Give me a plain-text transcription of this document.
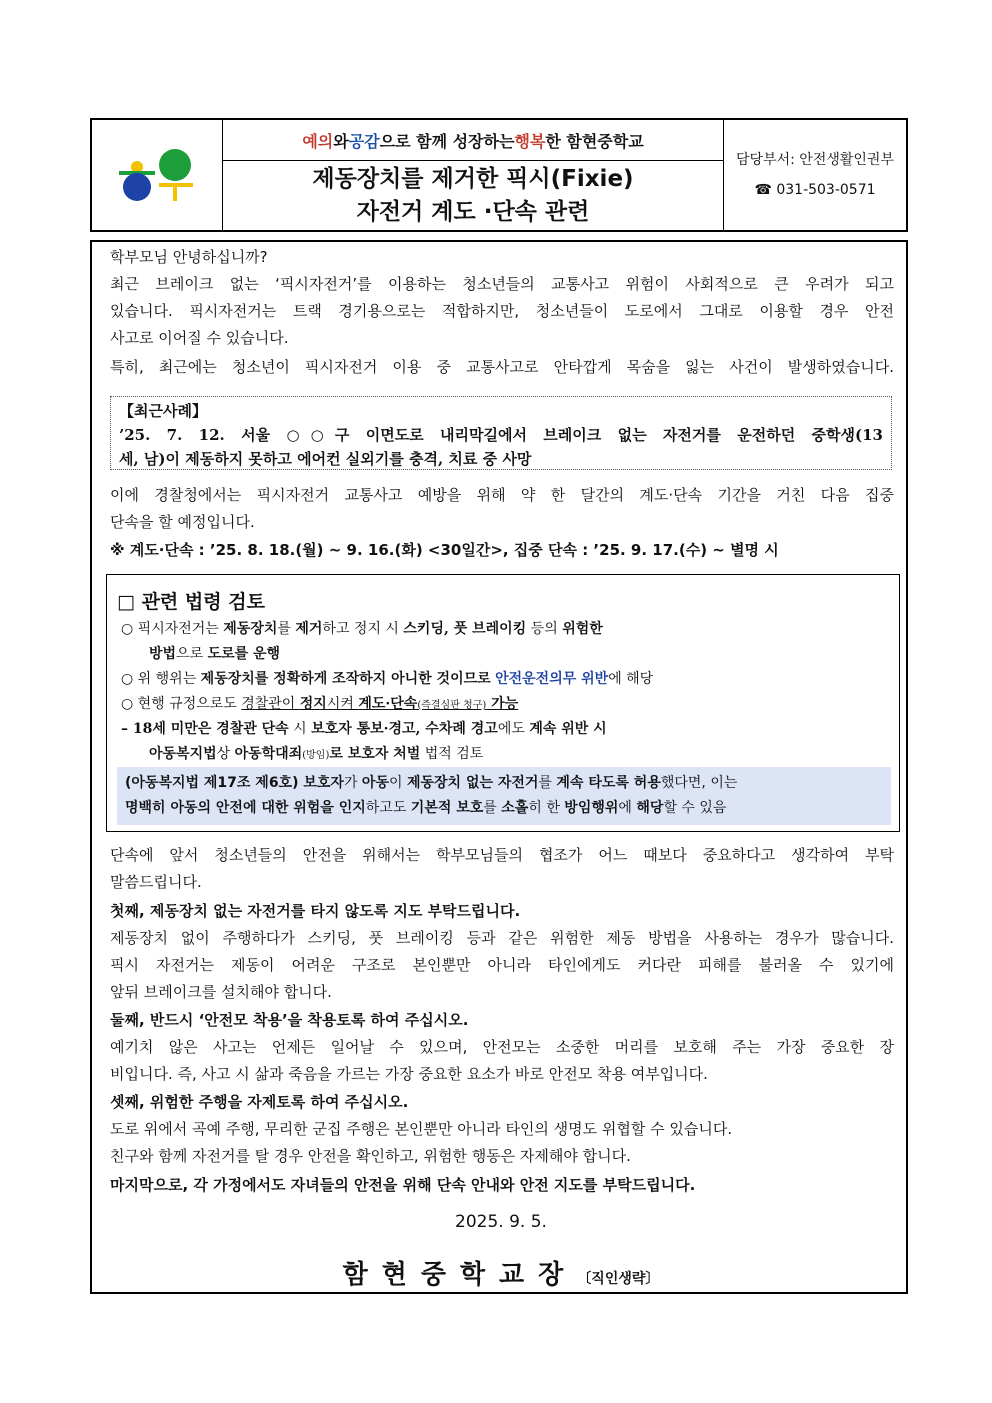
예의 와 공감 으로 함께 성장하는 행복 한 함현중학교
제동장치를 제거한 픽시(Fixie)
자전거 계도 ·단속 관련
담당부서: 안전생활인권부
☎ 031-503-0571
학부모님 안녕하십니까?
최근 브레이크 없는 ‘픽시자전거’를 이용하는 청소년들의 교통사고 위험이 사회적으로 큰 우려가 되고
있습니다. 픽시자전거는 트랙 경기용으로는 적합하지만, 청소년들이 도로에서 그대로 이용할 경우 안전
사고로 이어질 수 있습니다.
특히, 최근에는 청소년이 픽시자전거 이용 중 교통사고로 안타깝게 목숨을 잃는 사건이 발생하였습니다.
【최근사례】
’25. 7. 12. 서울 ○○구 이면도로 내리막길에서 브레이크 없는 자전거를 운전하던 중학생(13
세, 남)이 제동하지 못하고 에어컨 실외기를 충격, 치료 중 사망
이에 경찰청에서는 픽시자전거 교통사고 예방을 위해 약 한 달간의 계도·단속 기간을 거친 다음 집중
단속을 할 예정입니다.
※ 계도·단속 : ’25. 8. 18.(월) ~ 9. 16.(화) <30일간>, 집중 단속 : ’25. 9. 17.(수) ~ 별명 시
□ 관련 법령 검토
○ 픽시자전거는 제동장치를 제거하고 정지 시 스키딩, 풋 브레이킹 등의 위험한
방법으로 도로를 운행
○ 위 행위는 제동장치를 정확하게 조작하지 아니한 것이므로 안전운전의무 위반에 해당
○ 현행 규정으로도 경찰관이 정지시켜 계도·단속(즉결심판 청구) 가능
– 18세 미만은 경찰관 단속 시 보호자 통보·경고, 수차례 경고에도 계속 위반 시
아동복지법상 아동학대죄(방임)로 보호자 처벌 법적 검토
(아동복지법 제17조 제6호) 보호자가 아동이 제동장치 없는 자전거를 계속 타도록 허용했다면, 이는
명백히 아동의 안전에 대한 위험을 인지하고도 기본적 보호를 소홀히 한 방임행위에 해당할 수 있음
단속에 앞서 청소년들의 안전을 위해서는 학부모님들의 협조가 어느 때보다 중요하다고 생각하여 부탁
말씀드립니다.
첫째, 제동장치 없는 자전거를 타지 않도록 지도 부탁드립니다.
제동장치 없이 주행하다가 스키딩, 풋 브레이킹 등과 같은 위험한 제동 방법을 사용하는 경우가 많습니다.
픽시 자전거는 제동이 어려운 구조로 본인뿐만 아니라 타인에게도 커다란 피해를 불러올 수 있기에
앞뒤 브레이크를 설치해야 합니다.
둘째, 반드시 ‘안전모 착용’을 착용토록 하여 주십시오.
예기치 않은 사고는 언제든 일어날 수 있으며, 안전모는 소중한 머리를 보호해 주는 가장 중요한 장
비입니다. 즉, 사고 시 삶과 죽음을 가르는 가장 중요한 요소가 바로 안전모 착용 여부입니다.
셋째, 위험한 주행을 자제토록 하여 주십시오.
도로 위에서 곡예 주행, 무리한 군집 주행은 본인뿐만 아니라 타인의 생명도 위협할 수 있습니다.
친구와 함께 자전거를 탈 경우 안전을 확인하고, 위험한 행동은 자제해야 합니다.
마지막으로, 각 가정에서도 자녀들의 안전을 위해 단속 안내와 안전 지도를 부탁드립니다.
2025. 9. 5.
함현중학교장〔직인생략〕
